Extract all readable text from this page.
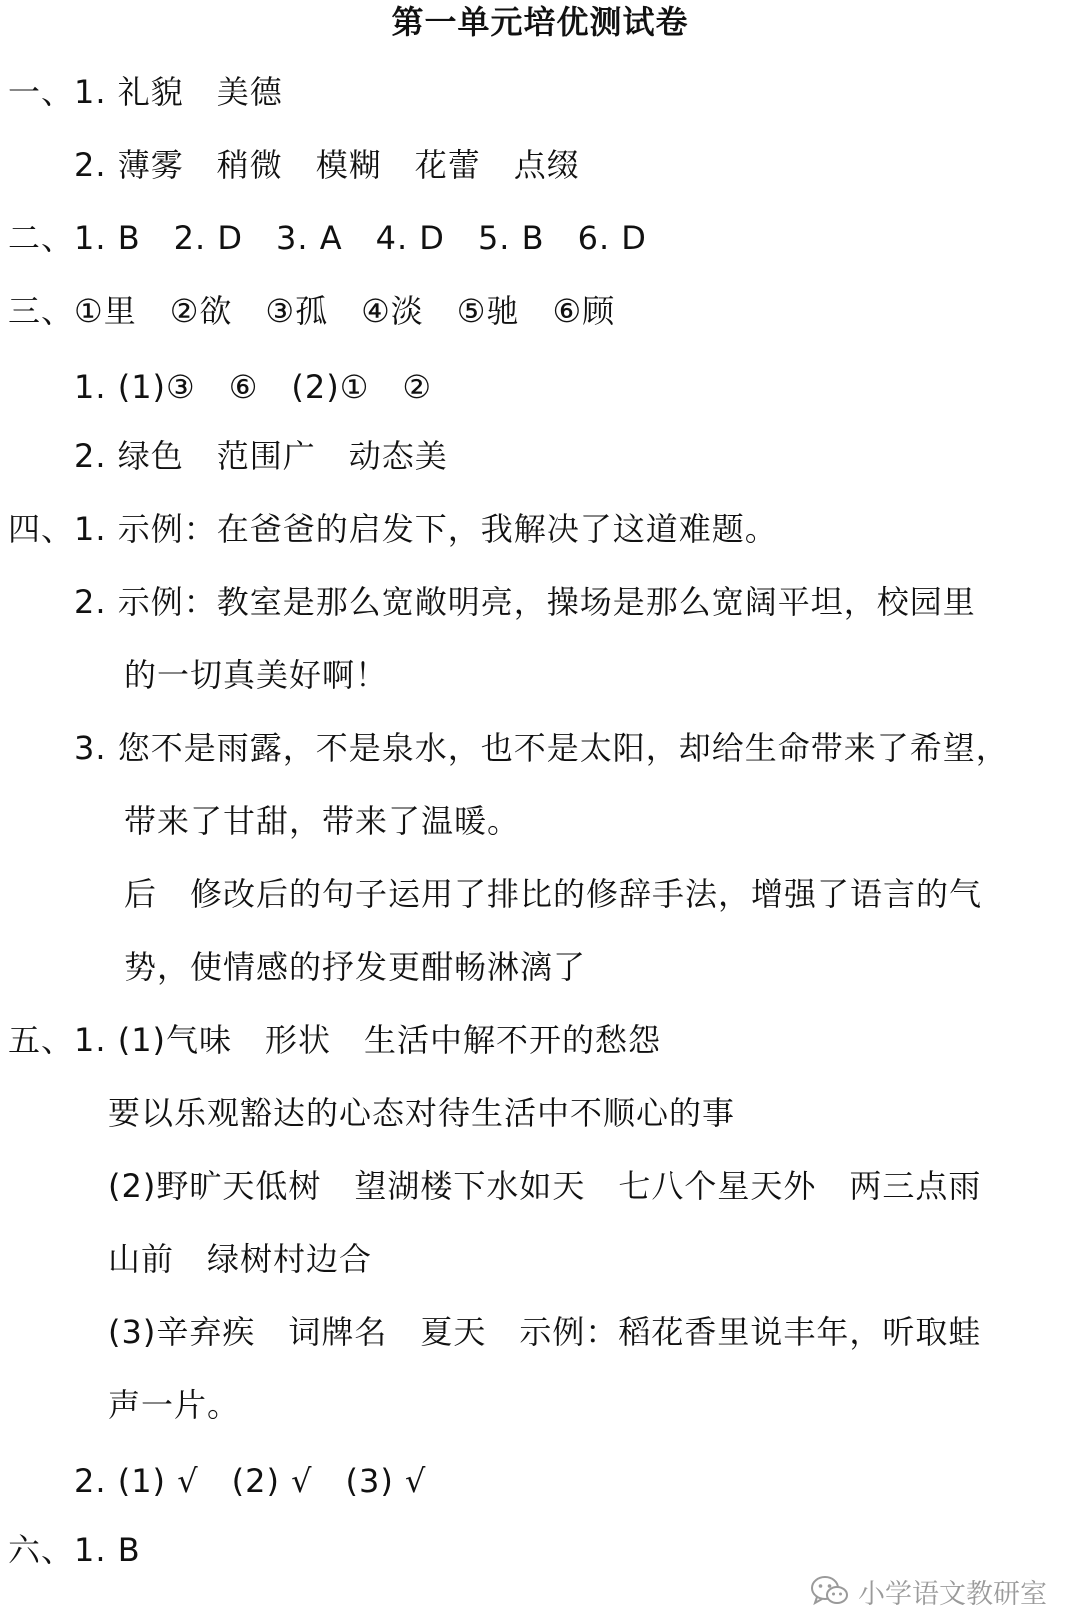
第一单元培优测试卷
一、1. 礼貌　美德
2. 薄雾　稍微　模糊　花蕾　点缀
二、1. B　2. D　3. A　4. D　5. B　6. D
三、①里　②欲　③孤　④淡　⑤驰　⑥顾
1. (1)③　⑥　(2)①　②
2. 绿色　范围广　动态美
四、1. 示例：在爸爸的启发下，我解决了这道难题。
2. 示例：教室是那么宽敞明亮，操场是那么宽阔平坦，校园里
的一切真美好啊！
3. 您不是雨露，不是泉水，也不是太阳，却给生命带来了希望，
带来了甘甜，带来了温暖。
后　修改后的句子运用了排比的修辞手法，增强了语言的气
势，使情感的抒发更酣畅淋漓了
五、1. (1)气味　形状　生活中解不开的愁怨
要以乐观豁达的心态对待生活中不顺心的事
(2)野旷天低树　望湖楼下水如天　七八个星天外　两三点雨
山前　绿树村边合
(3)辛弃疾　词牌名　夏天　示例：稻花香里说丰年，听取蛙
声一片。
2. (1) √　(2) √　(3) √
六、1. B
小学语文教研室
